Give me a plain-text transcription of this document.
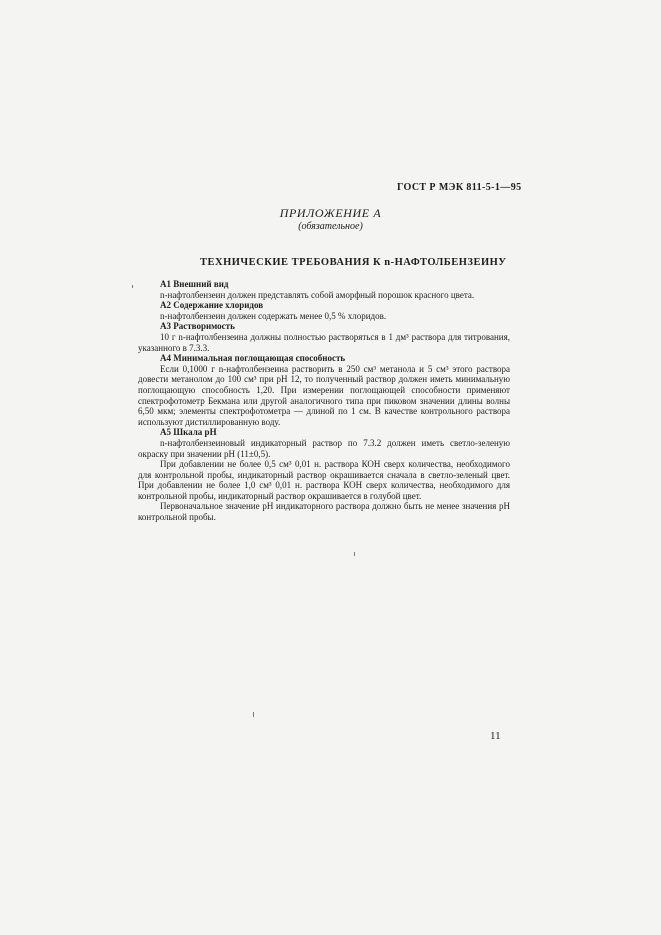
ГОСТ Р МЭК 811-5-1—95
ПРИЛОЖЕНИЕ А
(обязательное)
ТЕХНИЧЕСКИЕ ТРЕБОВАНИЯ К n-НАФТОЛБЕНЗЕИНУ

А1 Внешний вид

n-нафтолбензеин должен представлять собой аморфный порошок красного цвета.

А2 Содержание хлоридов

n-нафтолбензеин должен содержать менее 0,5 % хлоридов.

А3 Растворимость

10 г n-нафтолбензеина должны полностью растворяться в 1 дм³ раствора для титрования, указанного в 7.3.3.

А4 Минимальная поглощающая способность

Если 0,1000 г n-нафтолбензеина растворить в 250 см³ метанола и 5 см³ этого раствора довести метанолом до 100 см³ при pH 12, то полученный раствор должен иметь минимальную поглощающую способность 1,20. При измерении поглощающей способности применяют спектрофотометр Бекмана или другой аналогичного типа при пиковом значении длины волны 6,50 мкм; элементы спектрофотометра — длиной по 1 см. В качестве контрольного раствора используют дистиллированную воду.

А5 Шкала pH

n-нафтолбензеиновый индикаторный раствор по 7.3.2 должен иметь светло-зеленую окраску при значении pH (11±0,5).

При добавлении не более 0,5 см³ 0,01 н. раствора КОН сверх количества, необходимого для контрольной пробы, индикаторный раствор окрашивается сначала в светло-зеленый цвет. При добавлении не более 1,0 см³ 0,01 н. раствора КОН сверх количества, необходимого для контрольной пробы, индикаторный раствор окрашивается в голубой цвет.

Первоначальное значение pH индикаторного раствора должно быть не менее значения pH контрольной пробы.

11
